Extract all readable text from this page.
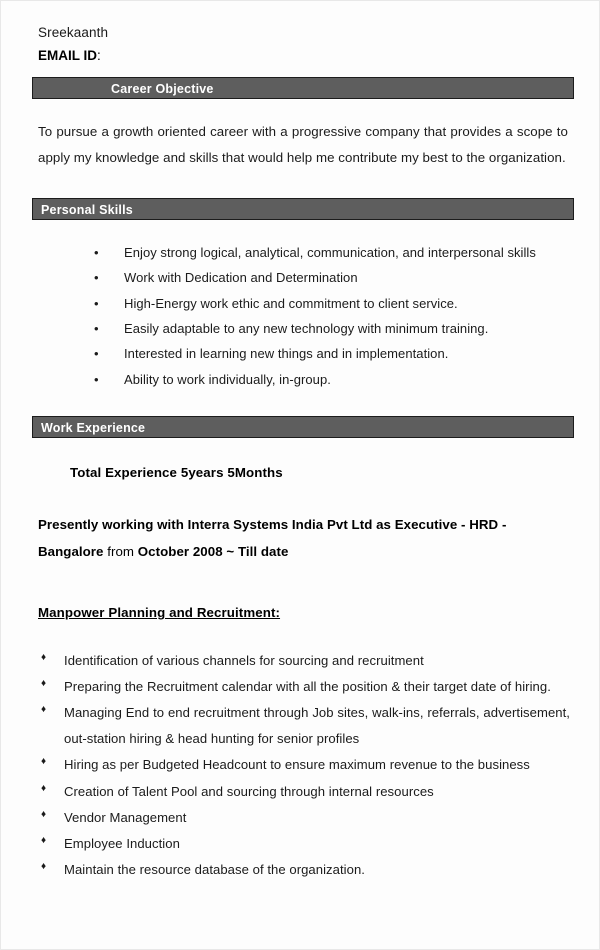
Sreekaanth
EMAIL ID:
Career Objective

To pursue a growth oriented career with a progressive company that provides a scope to apply my knowledge and skills that would help me contribute my best to the organization.

Personal Skills
• Enjoy strong logical, analytical, communication, and interpersonal skills
• Work with Dedication and Determination
• High-Energy work ethic and commitment to client service.
• Easily adaptable to any new technology with minimum training.
• Interested in learning new things and in implementation.
• Ability to work individually, in-group.
Work Experience
Total Experience 5years 5Months

Presently working with Interra Systems India Pvt Ltd as Executive - HRD - Bangalore from October 2008 ~ Till date

Manpower Planning and Recruitment:
♦ Identification of various channels for sourcing and recruitment
♦ Preparing the Recruitment calendar with all the position & their target date of hiring.
♦ Managing End to end recruitment through Job sites, walk-ins, referrals, advertisement, out-station hiring & head hunting for senior profiles
♦ Hiring as per Budgeted Headcount to ensure maximum revenue to the business
♦ Creation of Talent Pool and sourcing through internal resources
♦ Vendor Management
♦ Employee Induction
♦ Maintain the resource database of the organization.
